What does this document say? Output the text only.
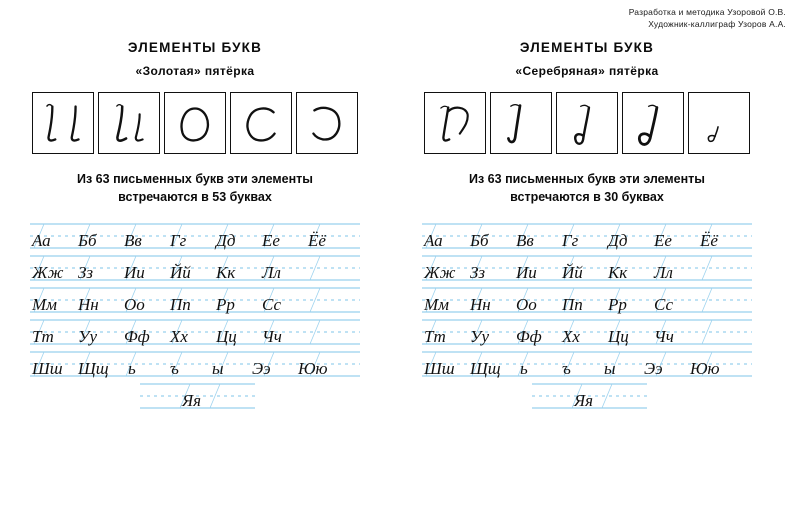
Разработка и методика Узоровой О.В.
Художник-каллиграф Узоров А.А.
ЭЛЕМЕНТЫ БУКВ
«Золотая» пятёрка
Из 63 письменных букв эти элементы
встречаются в 53 буквах
Аа Бб Вв Гг Дд Ее Ёё
Жж Зз Ии Йй Кк Лл
Мм Нн Оо Пп Рр Сс
Тт Уу Фф Хх Цц Чч
Шш Щщ ь ъ ы Ээ Юю
Яя
ЭЛЕМЕНТЫ БУКВ
«Серебряная» пятёрка
Из 63 письменных букв эти элементы
встречаются в 30 буквах
Аа Бб Вв Гг Дд Ее Ёё
Жж Зз Ии Йй Кк Лл
Мм Нн Оо Пп Рр Сс
Тт Уу Фф Хх Цц Чч
Шш Щщ ь ъ ы Ээ Юю
Яя
